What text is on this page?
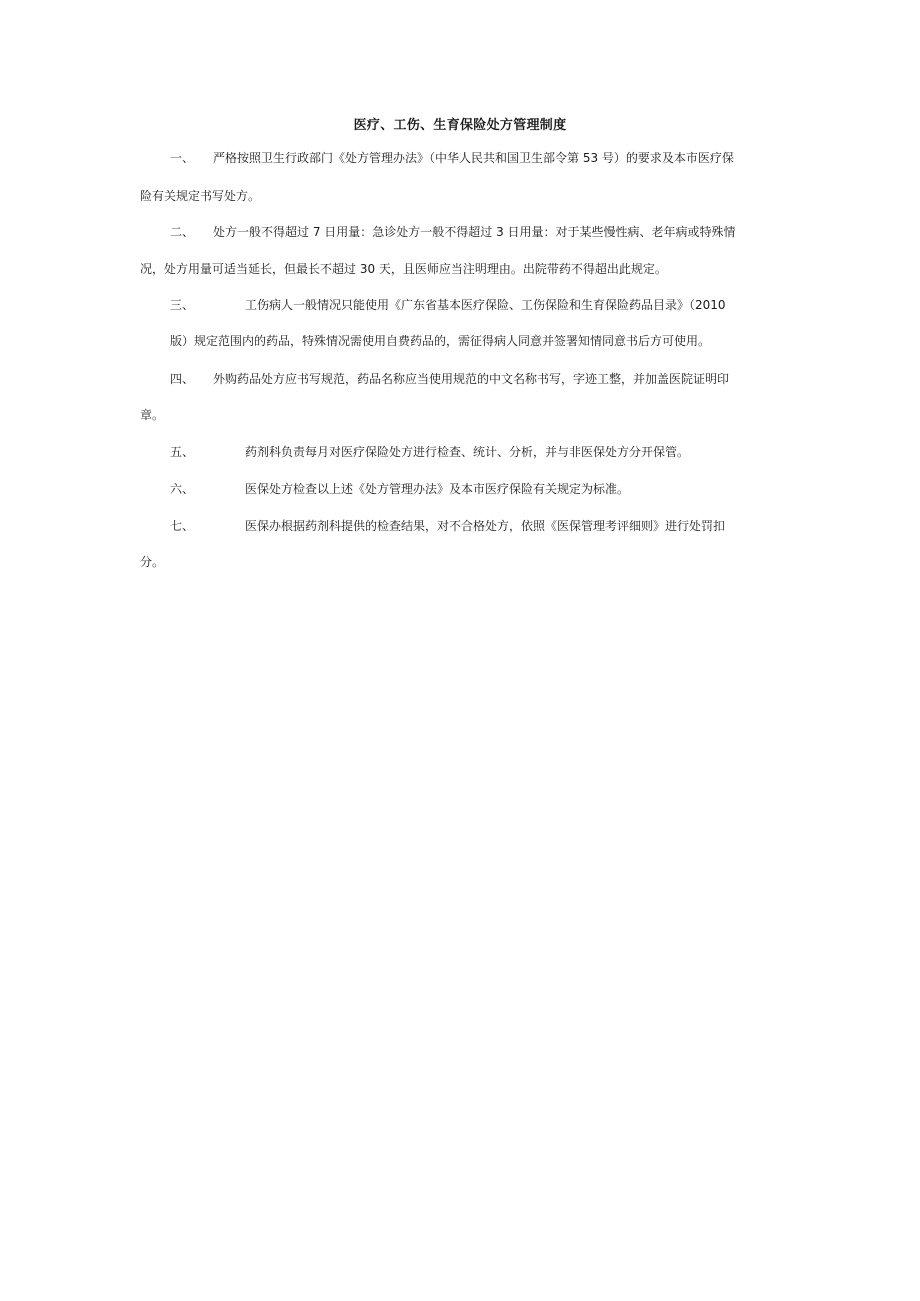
医疗、工伤、生育保险处方管理制度
一、 严格按照卫生行政部门《处方管理办法》（中华人民共和国卫生部令第 53 号）的要求及本市医疗保
险有关规定书写处方。
二、 处方一般不得超过 7 日用量：急诊处方一般不得超过 3 日用量：对于某些慢性病、老年病或特殊情
况，处方用量可适当延长，但最长不超过 30 天，且医师应当注明理由。出院带药不得超出此规定。
三、	工伤病人一般情况只能使用《广东省基本医疗保险、工伤保险和生育保险药品目录》（2010
版）规定范围内的药品，特殊情况需使用自费药品的，需征得病人同意并签署知情同意书后方可使用。
四、 外购药品处方应书写规范，药品名称应当使用规范的中文名称书写，字迹工整，并加盖医院证明印
章。
五、	药剂科负责每月对医疗保险处方进行检查、统计、分析，并与非医保处方分开保管。
六、	医保处方检查以上述《处方管理办法》及本市医疗保险有关规定为标准。
七、	医保办根据药剂科提供的检查结果，对不合格处方，依照《医保管理考评细则》进行处罚扣
分。
